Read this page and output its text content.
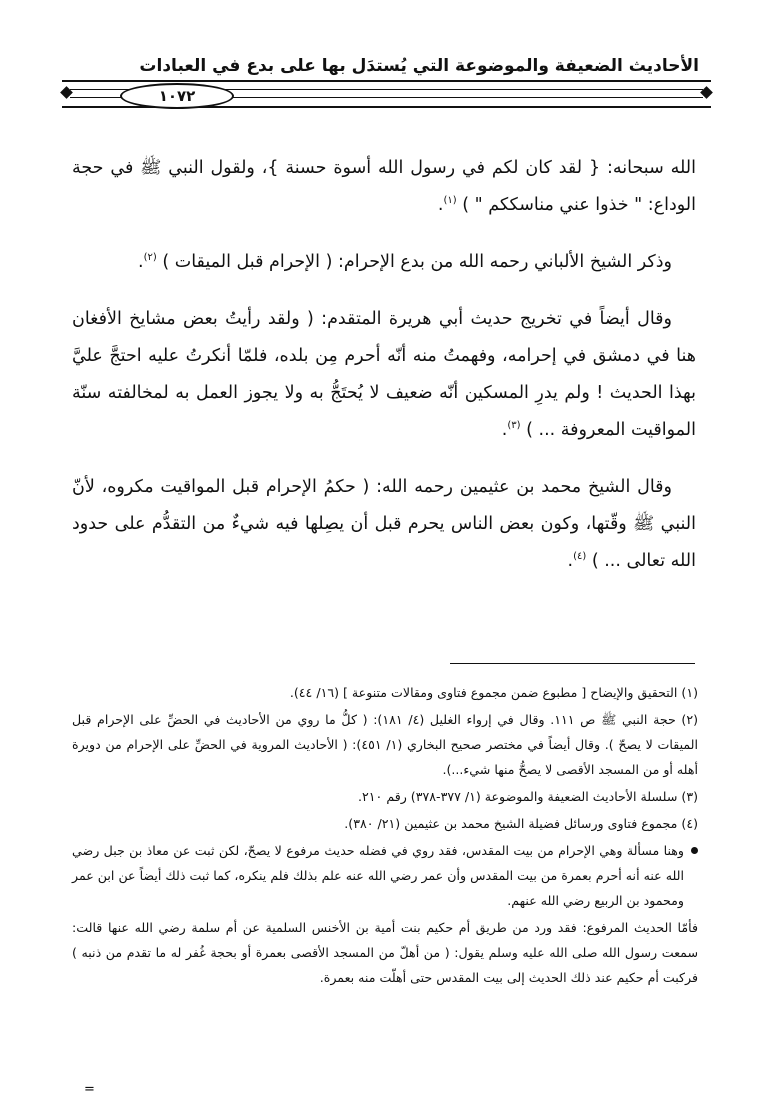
الأحاديث الضعيفة والموضوعة التي يُستدَل بها على بدع في العبادات
١٠٧٢

الله سبحانه: { لقد كان لكم في رسول الله أسوة حسنة }، ولقول النبي ﷺ في حجة الوداع: " خذوا عني مناسككم " ) $^{(١)}$.

وذكر الشيخ الألباني رحمه الله من بدع الإحرام: ( الإحرام قبل الميقات ) $^{(٢)}$.

وقال أيضاً في تخريج حديث أبي هريرة المتقدم: ( ولقد رأيتُ بعض مشايخ الأفغان هنا في دمشق في إحرامه، وفهمتُ منه أنّه أحرم مِن بلده، فلمّا أنكرتُ عليه احتجَّ عليَّ بهذا الحديث ! ولم يدرِ المسكين أنّه ضعيف لا يُحتَجُّ به ولا يجوز العمل به لمخالفته سنّة المواقيت المعروفة ... ) $^{(٣)}$.

وقال الشيخ محمد بن عثيمين رحمه الله: ( حكمُ الإحرام قبل المواقيت مكروه، لأنّ النبي ﷺ وقّتها، وكون بعض الناس يحرم قبل أن يصِلها فيه شيءٌ من التقدُّم على حدود الله تعالى ... ) $^{(٤)}$.

(١) التحقيق والإيضاح [ مطبوع ضمن مجموع فتاوى ومقالات متنوعة ] (١٦/ ٤٤).

(٢) حجة النبي ﷺ ص ١١١. وقال في إرواء الغليل (٤/ ١٨١): ( كلُّ ما روي من الأحاديث في الحضِّ على الإحرام قبل الميقات لا يصحّ ). وقال أيضاً في مختصر صحيح البخاري (١/ ٤٥١): ( الأحاديث المروية في الحضِّ على الإحرام من دويرة أهله أو من المسجد الأقصى لا يصحُّ منها شيء...).

(٣) سلسلة الأحاديث الضعيفة والموضوعة (١/ ٣٧٧-٣٧٨) رقم ٢١٠.

(٤) مجموع فتاوى ورسائل فضيلة الشيخ محمد بن عثيمين (٢١/ ٣٨٠).

وهنا مسألة وهي الإحرام من بيت المقدس، فقد روي في فضله حديث مرفوع لا يصحّ، لكن ثبت عن معاذ بن جبل رضي الله عنه أنه أحرم بعمرة من بيت المقدس وأن عمر رضي الله عنه علم بذلك فلم ينكره، كما ثبت ذلك أيضاً عن ابن عمر ومحمود بن الربيع رضي الله عنهم.

فأمّا الحديث المرفوع: فقد ورد من طريق أم حكيم بنت أمية بن الأخنس السلمية عن أم سلمة رضي الله عنها قالت: سمعت رسول الله صلى الله عليه وسلم يقول: ( من أهلّ من المسجد الأقصى بعمرة أو بحجة غُفر له ما تقدم من ذنبه ) فركبت أم حكيم عند ذلك الحديث إلى بيت المقدس حتى أهلّت منه بعمرة.

=
